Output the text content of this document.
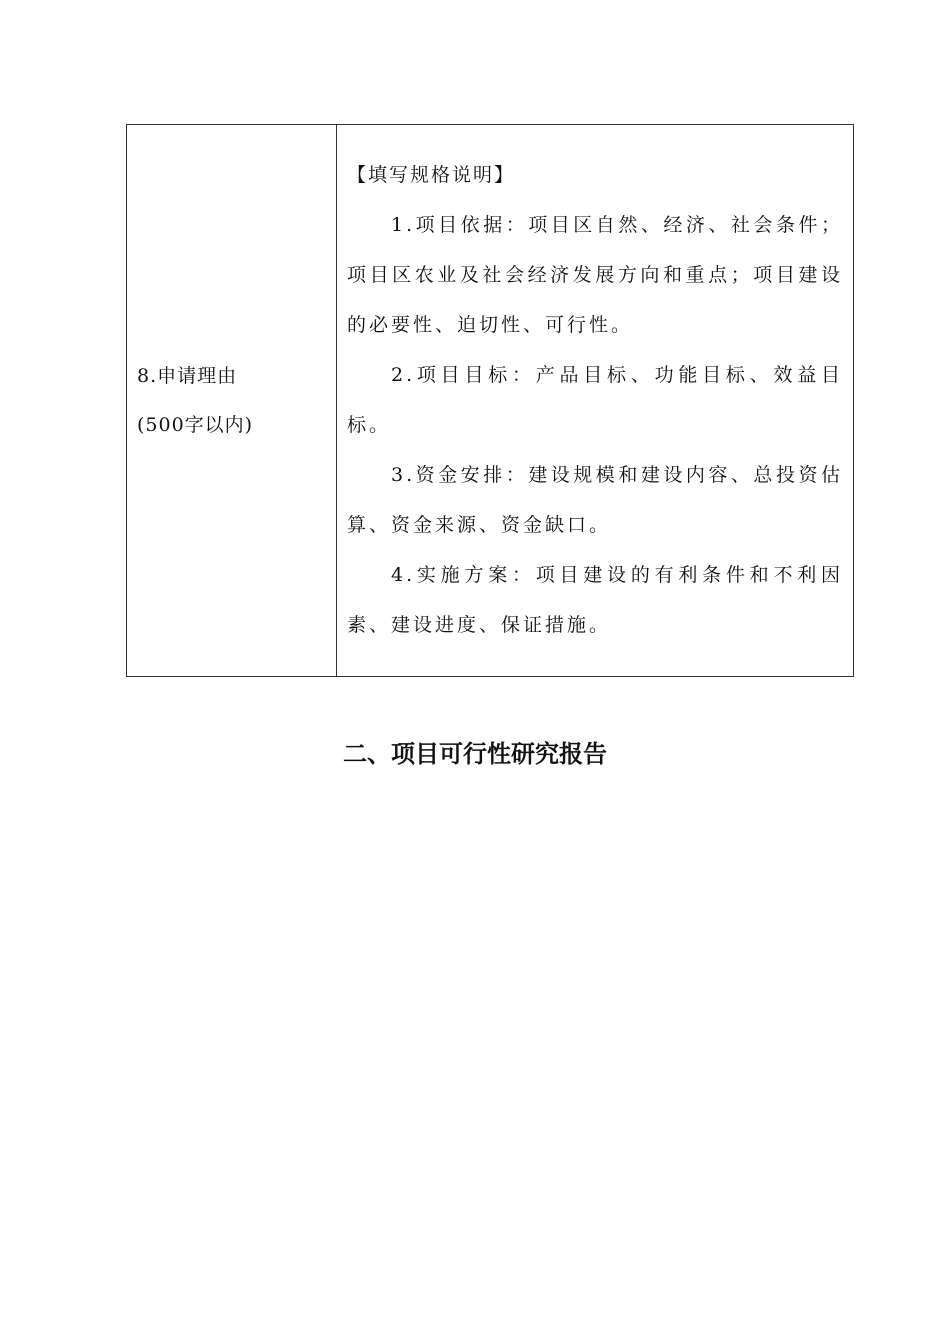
8.申请理由
(500字以内)

【填写规格说明】

1.项目依据：项目区自然、经济、社会条件；项目区农业及社会经济发展方向和重点；项目建设的必要性、迫切性、可行性。

2.项目目标：产品目标、功能目标、效益目标。

3.资金安排：建设规模和建设内容、总投资估算、资金来源、资金缺口。

4.实施方案：项目建设的有利条件和不利因素、建设进度、保证措施。

二、项目可行性研究报告
